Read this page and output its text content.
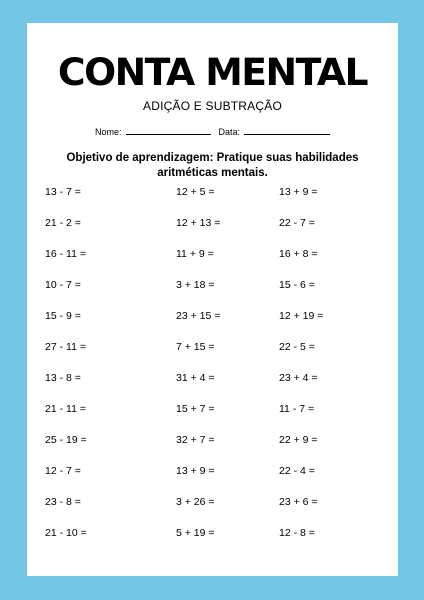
CONTA MENTAL
ADIÇÃO E SUBTRAÇÃO
Nome:	Data:
Objetivo de aprendizagem: Pratique suas habilidades aritméticas mentais.
13 - 7 =	12 + 5 =	13 + 9 =
21 - 2 =	12 + 13 =	22 - 7 =
16 - 11 =	11 + 9 =	16 + 8 =
10 - 7 =	3 + 18 =	15 - 6 =
15 - 9 =	23 + 15 =	12 + 19 =
27 - 11 =	7 + 15 =	22 - 5 =
13 - 8 =	31 + 4 =	23 + 4 =
21 - 11 =	15 + 7 =	11 - 7 =
25 - 19 =	32 + 7 =	22 + 9 =
12 - 7 =	13 + 9 =	22 - 4 =
23 - 8 =	3 + 26 =	23 + 6 =
21 - 10 =	5 + 19 =	12 - 8 =
